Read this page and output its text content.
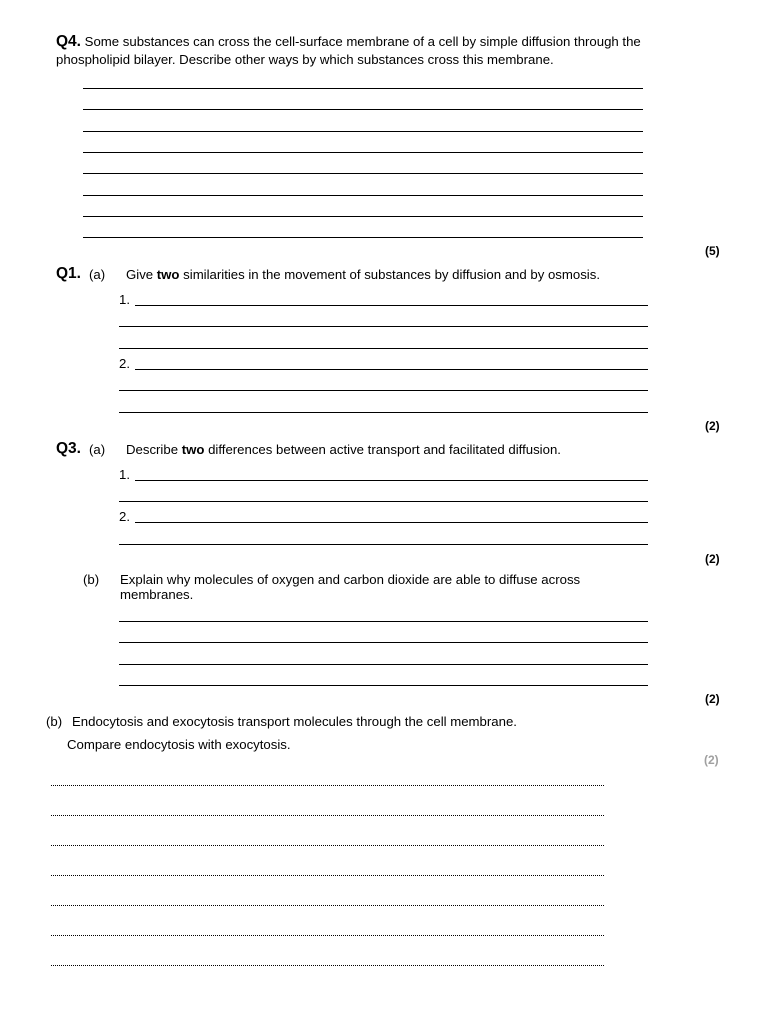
Q4. Some substances can cross the cell-surface membrane of a cell by simple diffusion through the
phospholipid bilayer. Describe other ways by which substances cross this membrane.
(5)
Q1. (a) Give two similarities in the movement of substances by diffusion and by osmosis.
1.
2.
(2)
Q3. (a) Describe two differences between active transport and facilitated diffusion.
1.
2.
(2)
(b) Explain why molecules of oxygen and carbon dioxide are able to diffuse across
membranes.
(2)
(b) Endocytosis and exocytosis transport molecules through the cell membrane.
Compare endocytosis with exocytosis.
(2)
